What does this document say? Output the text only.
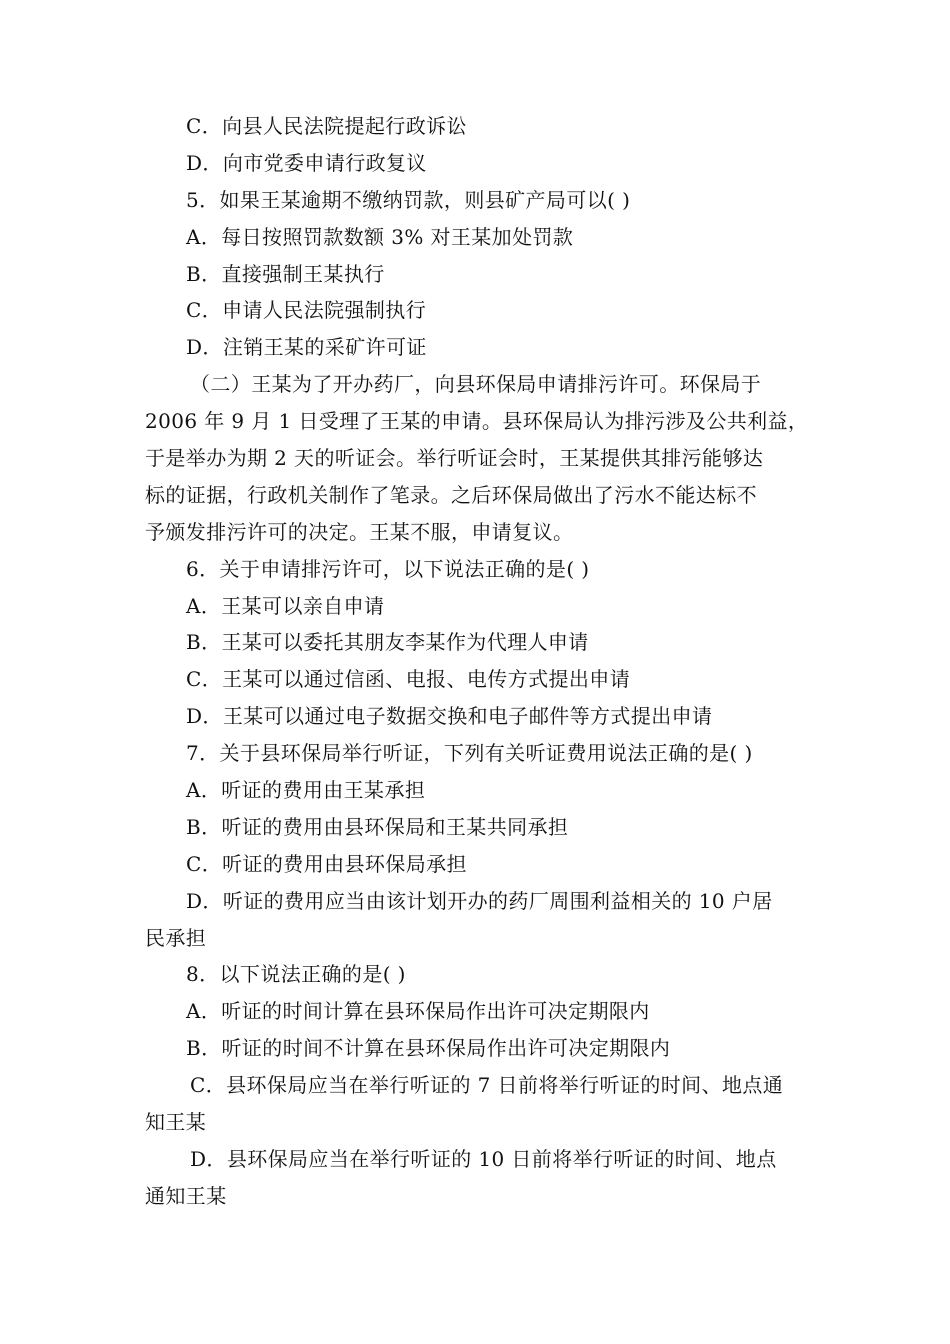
C．向县人民法院提起行政诉讼
D．向市党委申请行政复议
5．如果王某逾期不缴纳罚款，则县矿产局可以( )
A．每日按照罚款数额 3% 对王某加处罚款
B．直接强制王某执行
C．申请人民法院强制执行
D．注销王某的采矿许可证
（二）王某为了开办药厂，向县环保局申请排污许可。环保局于
2006 年 9 月 1 日受理了王某的申请。县环保局认为排污涉及公共利益，
于是举办为期 2 天的听证会。举行听证会时，王某提供其排污能够达
标的证据，行政机关制作了笔录。之后环保局做出了污水不能达标不
予颁发排污许可的决定。王某不服，申请复议。
6．关于申请排污许可，以下说法正确的是( )
A．王某可以亲自申请
B．王某可以委托其朋友李某作为代理人申请
C．王某可以通过信函、电报、电传方式提出申请
D．王某可以通过电子数据交换和电子邮件等方式提出申请
7．关于县环保局举行听证，下列有关听证费用说法正确的是( )
A．听证的费用由王某承担
B．听证的费用由县环保局和王某共同承担
C．听证的费用由县环保局承担
D．听证的费用应当由该计划开办的药厂周围利益相关的 10 户居
民承担
8．以下说法正确的是( )
A．听证的时间计算在县环保局作出许可决定期限内
B．听证的时间不计算在县环保局作出许可决定期限内
C．县环保局应当在举行听证的 7 日前将举行听证的时间、地点通
知王某
D．县环保局应当在举行听证的 10 日前将举行听证的时间、地点
通知王某
